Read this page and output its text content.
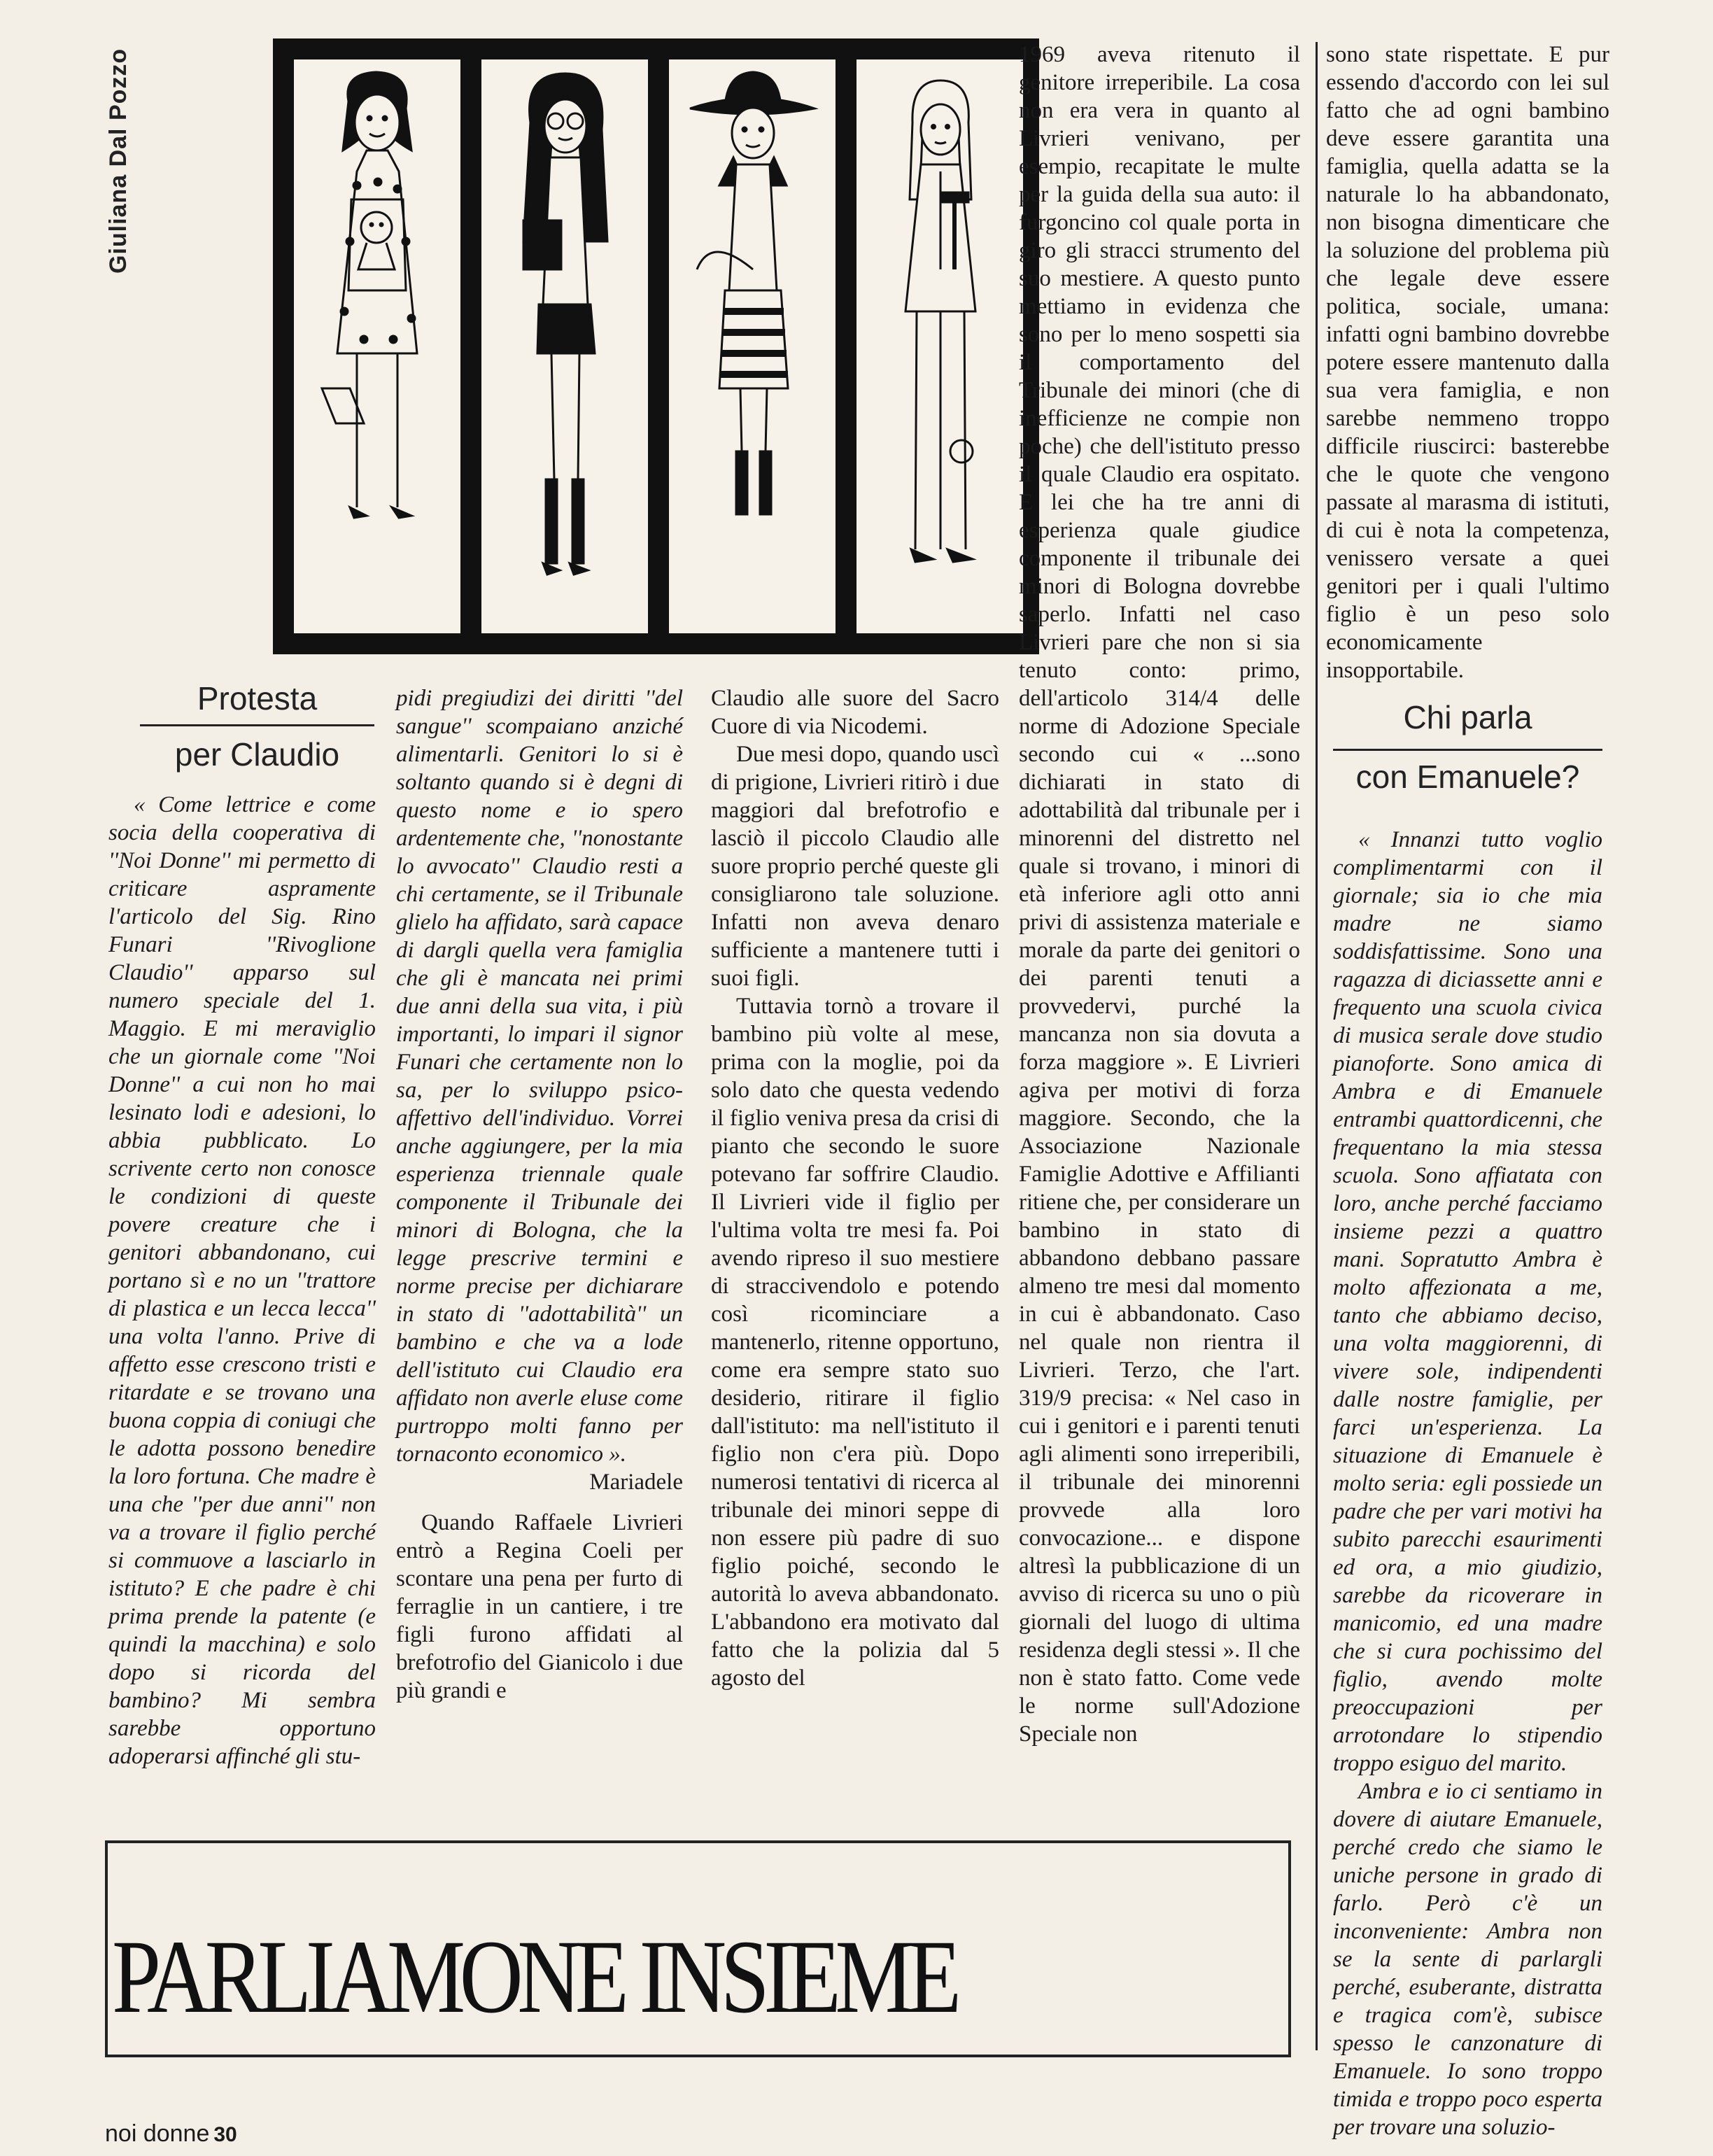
Giuliana Dal Pozzo
Protesta
per Claudio

« Come lettrice e come socia della cooperativa di ''Noi Donne'' mi permetto di criticare aspramente l'articolo del Sig. Rino Funari ''Rivoglione Claudio'' apparso sul numero speciale del 1. Maggio. E mi meraviglio che un giornale come ''Noi Donne'' a cui non ho mai lesinato lodi e adesioni, lo abbia pubblicato. Lo scrivente certo non conosce le condizioni di queste povere creature che i genitori abbandonano, cui portano sì e no un ''trattore di plastica e un lecca lecca'' una volta l'anno. Prive di affetto esse crescono tristi e ritardate e se trovano una buona coppia di coniugi che le adotta possono benedire la loro fortuna. Che madre è una che ''per due anni'' non va a trovare il figlio perché si commuove a lasciarlo in istituto? E che padre è chi prima prende la patente (e quindi la macchina) e solo dopo si ricorda del bambino? Mi sembra sarebbe opportuno adoperarsi affinché gli stu-

pidi pregiudizi dei diritti ''del sangue'' scompaiano anziché alimentarli. Genitori lo si è soltanto quando si è degni di questo nome e io spero ardentemente che, ''nonostante lo avvocato'' Claudio resti a chi certamente, se il Tribunale glielo ha affidato, sarà capace di dargli quella vera famiglia che gli è mancata nei primi due anni della sua vita, i più importanti, lo impari il signor Funari che certamente non lo sa, per lo sviluppo psico-affettivo dell'individuo. Vorrei anche aggiungere, per la mia esperienza triennale quale componente il Tribunale dei minori di Bologna, che la legge prescrive termini e norme precise per dichiarare in stato di ''adottabilità'' un bambino e che va a lode dell'istituto cui Claudio era affidato non averle eluse come purtroppo molti fanno per tornaconto economico ».

Mariadele

Quando Raffaele Livrieri entrò a Regina Coeli per scontare una pena per furto di ferraglie in un cantiere, i tre figli furono affidati al brefotrofio del Gianicolo i due più grandi e

Claudio alle suore del Sacro Cuore di via Nicodemi.

Due mesi dopo, quando uscì di prigione, Livrieri ritirò i due maggiori dal brefotrofio e lasciò il piccolo Claudio alle suore proprio perché queste gli consigliarono tale soluzione. Infatti non aveva denaro sufficiente a mantenere tutti i suoi figli.

Tuttavia tornò a trovare il bambino più volte al mese, prima con la moglie, poi da solo dato che questa vedendo il figlio veniva presa da crisi di pianto che secondo le suore potevano far soffrire Claudio. Il Livrieri vide il figlio per l'ultima volta tre mesi fa. Poi avendo ripreso il suo mestiere di straccivendolo e potendo così ricominciare a mantenerlo, ritenne opportuno, come era sempre stato suo desiderio, ritirare il figlio dall'istituto: ma nell'istituto il figlio non c'era più. Dopo numerosi tentativi di ricerca al tribunale dei minori seppe di non essere più padre di suo figlio poiché, secondo le autorità lo aveva abbandonato. L'abbandono era motivato dal fatto che la polizia dal 5 agosto del

1969 aveva ritenuto il genitore irreperibile. La cosa non era vera in quanto al Livrieri venivano, per esempio, recapitate le multe per la guida della sua auto: il furgoncino col quale porta in giro gli stracci strumento del suo mestiere. A questo punto mettiamo in evidenza che sono per lo meno sospetti sia il comportamento del Tribunale dei minori (che di inefficienze ne compie non poche) che dell'istituto presso il quale Claudio era ospitato. E lei che ha tre anni di esperienza quale giudice componente il tribunale dei minori di Bologna dovrebbe saperlo. Infatti nel caso Livrieri pare che non si sia tenuto conto: primo, dell'articolo 314/4 delle norme di Adozione Speciale secondo cui « ...sono dichiarati in stato di adottabilità dal tribunale per i minorenni del distretto nel quale si trovano, i minori di età inferiore agli otto anni privi di assistenza materiale e morale da parte dei genitori o dei parenti tenuti a provvedervi, purché la mancanza non sia dovuta a forza maggiore ». E Livrieri agiva per motivi di forza maggiore. Secondo, che la Associazione Nazionale Famiglie Adottive e Affilianti ritiene che, per considerare un bambino in stato di abbandono debbano passare almeno tre mesi dal momento in cui è abbandonato. Caso nel quale non rientra il Livrieri. Terzo, che l'art. 319/9 precisa: « Nel caso in cui i genitori e i parenti tenuti agli alimenti sono irreperibili, il tribunale dei minorenni provvede alla loro convocazione... e dispone altresì la pubblicazione di un avviso di ricerca su uno o più giornali del luogo di ultima residenza degli stessi ». Il che non è stato fatto. Come vede le norme sull'Adozione Speciale non

sono state rispettate. E pur essendo d'accordo con lei sul fatto che ad ogni bambino deve essere garantita una famiglia, quella adatta se la naturale lo ha abbandonato, non bisogna dimenticare che la soluzione del problema più che legale deve essere politica, sociale, umana: infatti ogni bambino dovrebbe potere essere mantenuto dalla sua vera famiglia, e non sarebbe nemmeno troppo difficile riuscirci: basterebbe che le quote che vengono passate al marasma di istituti, di cui è nota la competenza, venissero versate a quei genitori per i quali l'ultimo figlio è un peso solo economicamente insopportabile.

Chi parla
con Emanuele?

« Innanzi tutto voglio complimentarmi con il giornale; sia io che mia madre ne siamo soddisfattissime. Sono una ragazza di diciassette anni e frequento una scuola civica di musica serale dove studio pianoforte. Sono amica di Ambra e di Emanuele entrambi quattordicenni, che frequentano la mia stessa scuola. Sono affiatata con loro, anche perché facciamo insieme pezzi a quattro mani. Sopratutto Ambra è molto affezionata a me, tanto che abbiamo deciso, una volta maggiorenni, di vivere sole, indipendenti dalle nostre famiglie, per farci un'esperienza. La situazione di Emanuele è molto seria: egli possiede un padre che per vari motivi ha subito parecchi esaurimenti ed ora, a mio giudizio, sarebbe da ricoverare in manicomio, ed una madre che si cura pochissimo del figlio, avendo molte preoccupazioni per arrotondare lo stipendio troppo esiguo del marito.

Ambra e io ci sentiamo in dovere di aiutare Emanuele, perché credo che siamo le uniche persone in grado di farlo. Però c'è un inconveniente: Ambra non se la sente di parlargli perché, esuberante, distratta e tragica com'è, subisce spesso le canzonature di Emanuele. Io sono troppo timida e troppo poco esperta per trovare una soluzio-

PARLIAMONE INSIEME
noi donne 30
